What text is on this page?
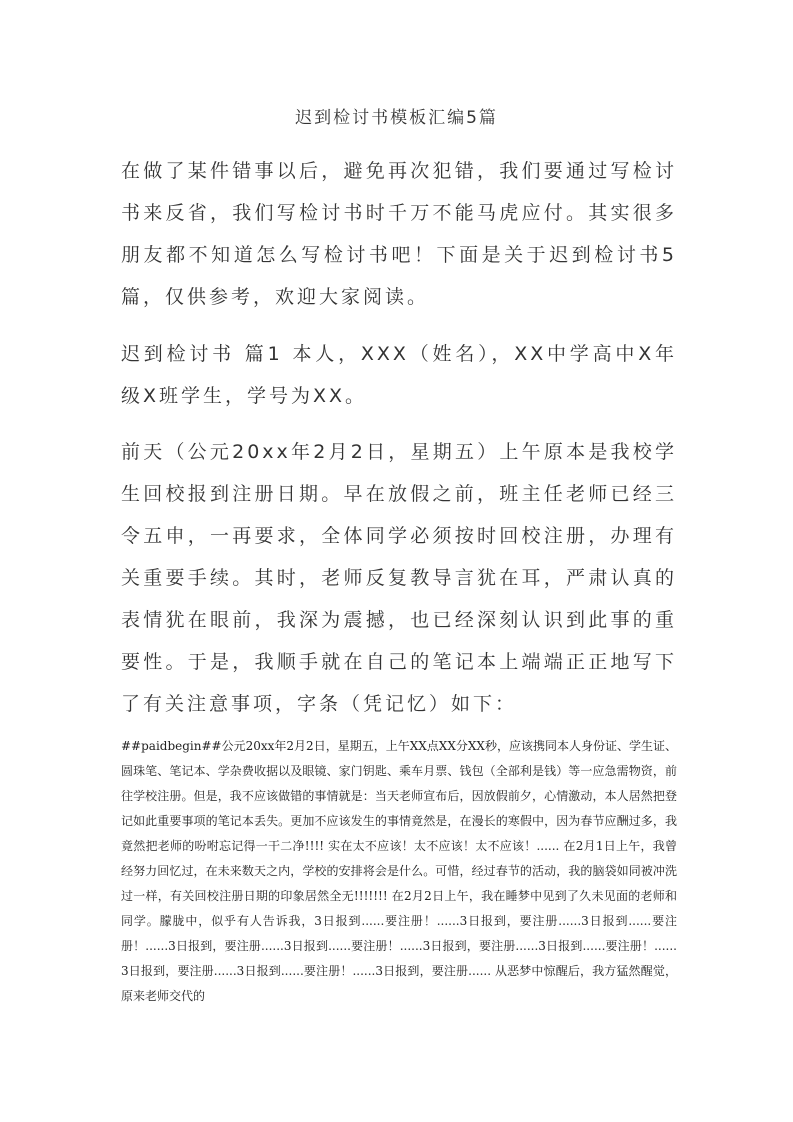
迟到检讨书模板汇编5篇
在做了某件错事以后，避免再次犯错，我们要通过写检讨书来反省，我们写检讨书时千万不能马虎应付。其实很多朋友都不知道怎么写检讨书吧！下面是关于迟到检讨书5篇，仅供参考，欢迎大家阅读。
迟到检讨书 篇1 本人，XXX（姓名），XX中学高中X年级X班学生，学号为XX。
前天（公元20xx年2月2日，星期五）上午原本是我校学生回校报到注册日期。早在放假之前，班主任老师已经三令五申，一再要求，全体同学必须按时回校注册，办理有关重要手续。其时，老师反复教导言犹在耳，严肃认真的表情犹在眼前，我深为震撼，也已经深刻认识到此事的重要性。于是，我顺手就在自己的笔记本上端端正正地写下了有关注意事项，字条（凭记忆）如下：
##paidbegin##公元20xx年2月2日，星期五，上午XX点XX分XX秒，应该携同本人身份证、学生证、圆珠笔、笔记本、学杂费收据以及眼镜、家门钥匙、乘车月票、钱包（全部利是钱）等一应急需物资，前往学校注册。但是，我不应该做错的事情就是：当天老师宣布后，因放假前夕，心情激动，本人居然把登记如此重要事项的笔记本丢失。更加不应该发生的事情竟然是，在漫长的寒假中，因为春节应酬过多，我竟然把老师的吩咐忘记得一干二净!!!! 实在太不应该！太不应该！太不应该！...... 在2月1日上午，我曾经努力回忆过，在未来数天之内，学校的安排将会是什么。可惜，经过春节的活动，我的脑袋如同被冲洗过一样，有关回校注册日期的印象居然全无!!!!!!! 在2月2日上午，我在睡梦中见到了久未见面的老师和同学。朦胧中，似乎有人告诉我，3日报到......要注册！......3日报到，要注册......3日报到......要注册！......3日报到，要注册......3日报到......要注册！......3日报到，要注册......3日报到......要注册！......3日报到，要注册......3日报到......要注册！......3日报到，要注册...... 从恶梦中惊醒后，我方猛然醒觉，原来老师交代的
